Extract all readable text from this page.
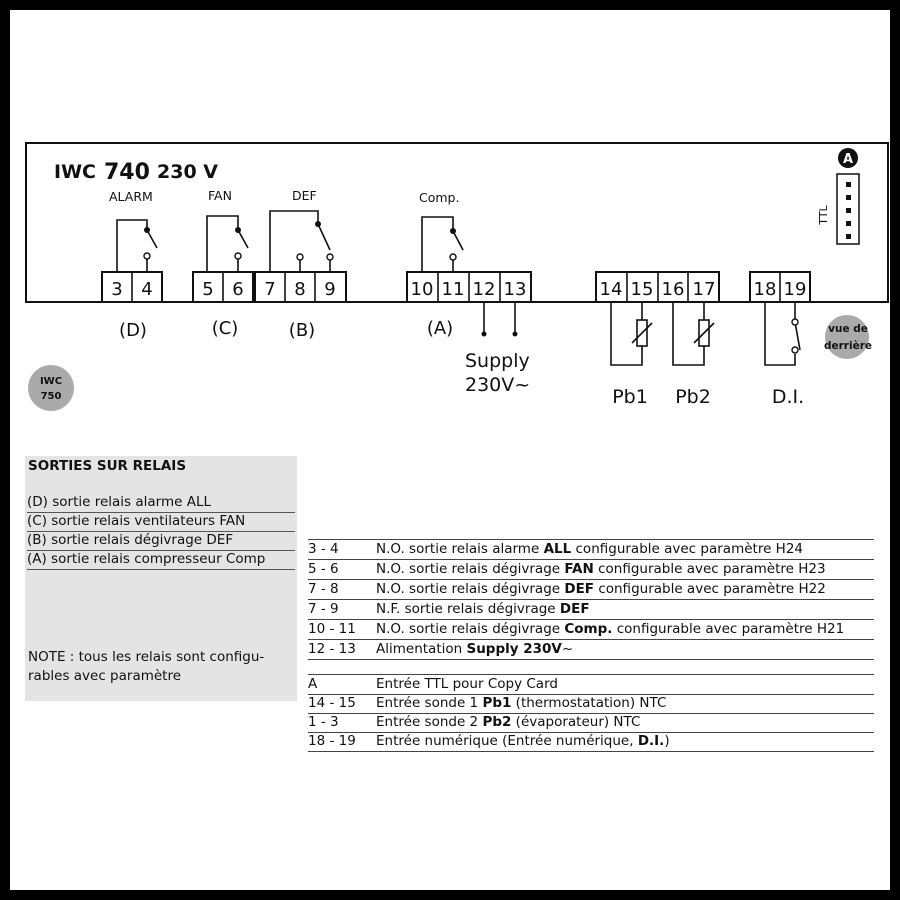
IWC 740 230 V
A
TTL
ALARM	FAN	DEF	Comp.
3 4	5 6 7 8 9	10 11 12 13	14 15 16 17 18 19
(D)	(C)	(B)	(A)
Supply
230V~
Pb1 Pb2	D.I.
vue de
derrière
IWC
750
SORTIES SUR RELAIS
(D) sortie relais alarme ALL
(C) sortie relais ventilateurs FAN
(B) sortie relais dégivrage DEF
(A) sortie relais compresseur Comp
NOTE : tous les relais sont configu-rables avec paramètre
3 - 4	N.O. sortie relais alarme ALL configurable avec paramètre H24
5 - 6	N.O. sortie relais dégivrage FAN configurable avec paramètre H23
7 - 8	N.O. sortie relais dégivrage DEF configurable avec paramètre H22
7 - 9	N.F. sortie relais dégivrage DEF
10 - 11 N.O. sortie relais dégivrage Comp. configurable avec paramètre H21
12 - 13 Alimentation Supply 230V~
A	Entrée TTL pour Copy Card
14 - 15 Entrée sonde 1 Pb1 (thermostatation) NTC
1 - 3	Entrée sonde 2 Pb2 (évaporateur) NTC
18 - 19 Entrée numérique (Entrée numérique, D.I.)
